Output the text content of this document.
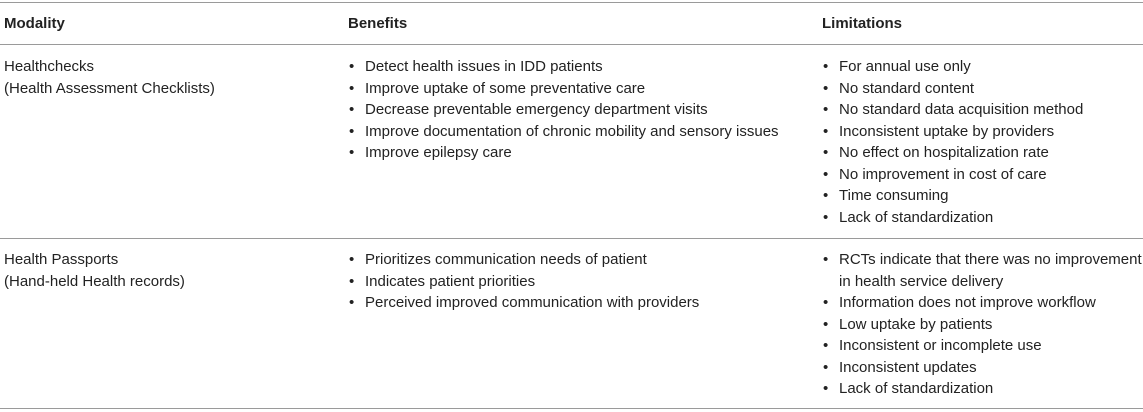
Modality	Benefits	Limitations
Healthchecks
(Health Assessment Checklists)
• Detect health issues in IDD patients
• Improve uptake of some preventative care
• Decrease preventable emergency department visits
• Improve documentation of chronic mobility and sensory issues
• Improve epilepsy care
• For annual use only
• No standard content
• No standard data acquisition method
• Inconsistent uptake by providers
• No effect on hospitalization rate
• No improvement in cost of care
• Time consuming
• Lack of standardization
Health Passports
(Hand-held Health records)
• Prioritizes communication needs of patient
• Indicates patient priorities
• Perceived improved communication with providers
• RCTs indicate that there was no improvement
in health service delivery
• Information does not improve workflow
• Low uptake by patients
• Inconsistent or incomplete use
• Inconsistent updates
• Lack of standardization
